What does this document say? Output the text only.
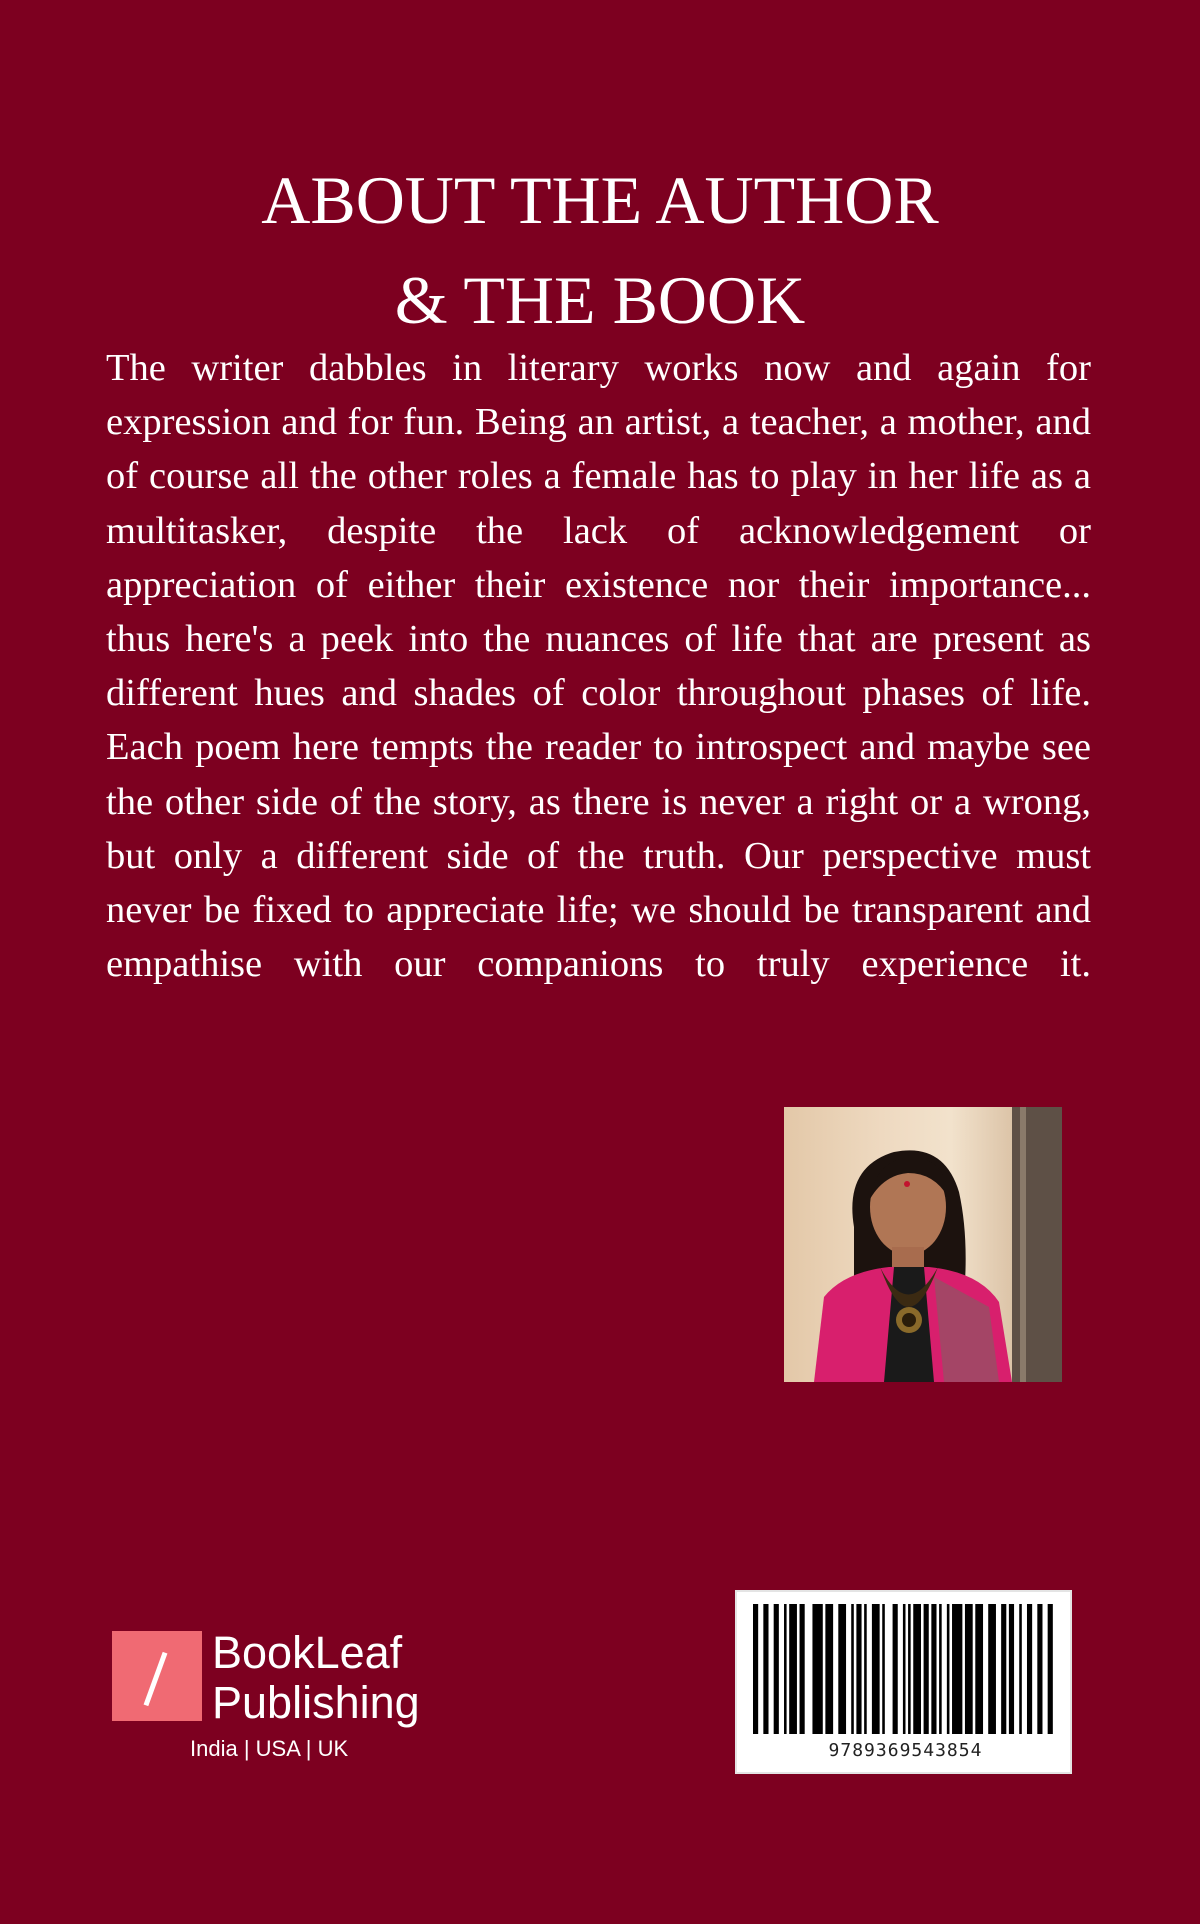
ABOUT THE AUTHOR
& THE BOOK

The writer dabbles in literary works now and again for expression and for fun. Being an artist, a teacher, a mother, and of course all the other roles a female has to play in her life as a multitasker, despite the lack of acknowledgement or appreciation of either their existence nor their importance... thus here's a peek into the nuances of life that are present as different hues and shades of color throughout phases of life. Each poem here tempts the reader to introspect and maybe see the other side of the story, as there is never a right or a wrong, but only a different side of the truth. Our perspective must never be fixed to appreciate life; we should be transparent and empathise with our companions to truly experience it.

BookLeaf
Publishing
India | USA | UK	9789369543854
